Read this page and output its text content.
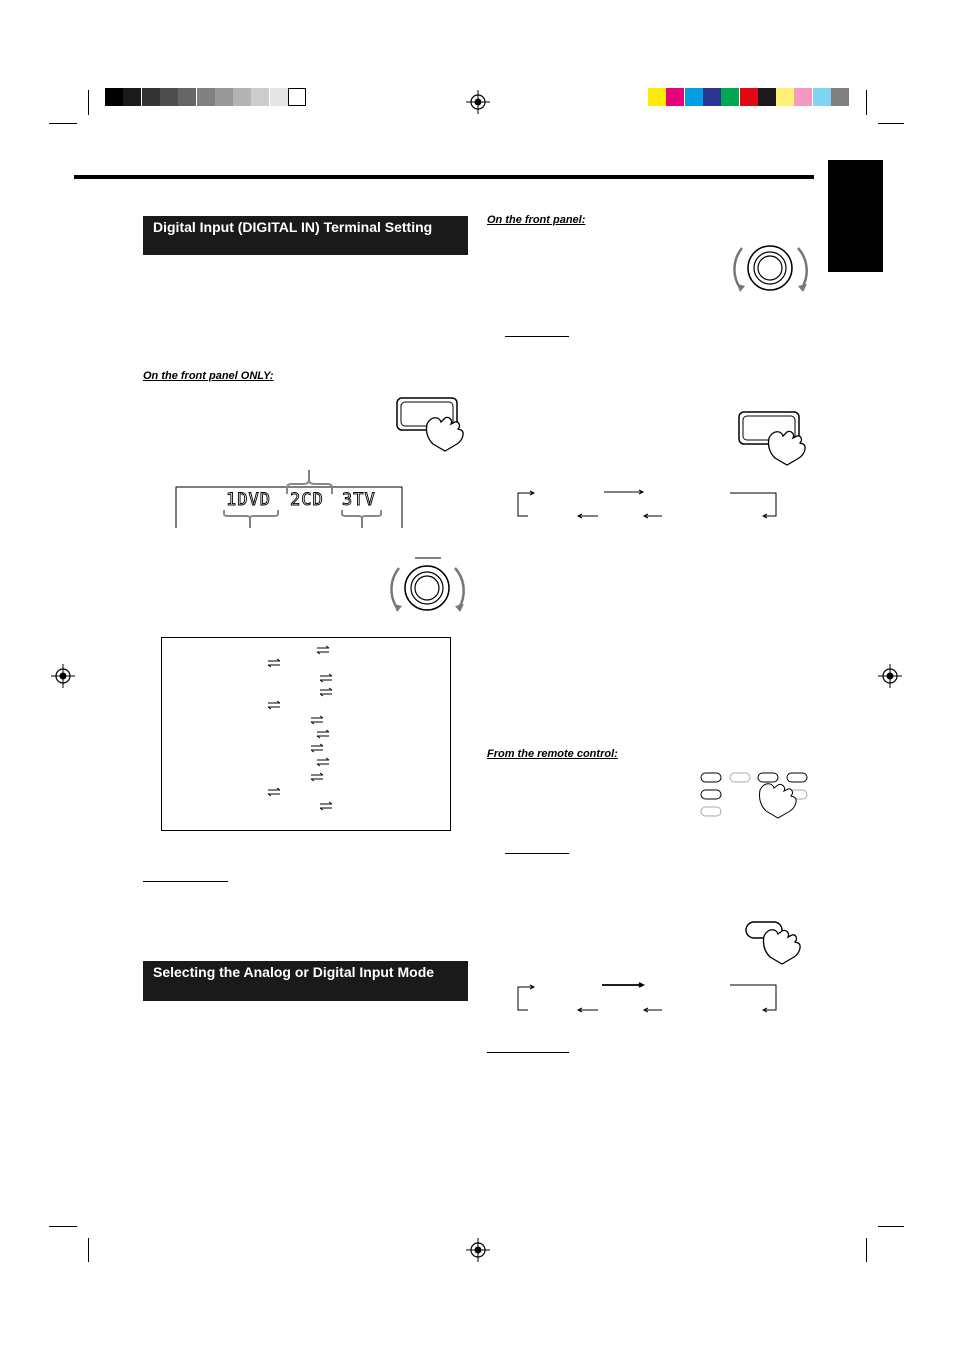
Digital Input (DIGITAL IN) Terminal Setting
On the front panel ONLY:
1DVD 2CD 3TV
Selecting the Analog or Digital Input Mode
On the front panel:
From the remote control:
